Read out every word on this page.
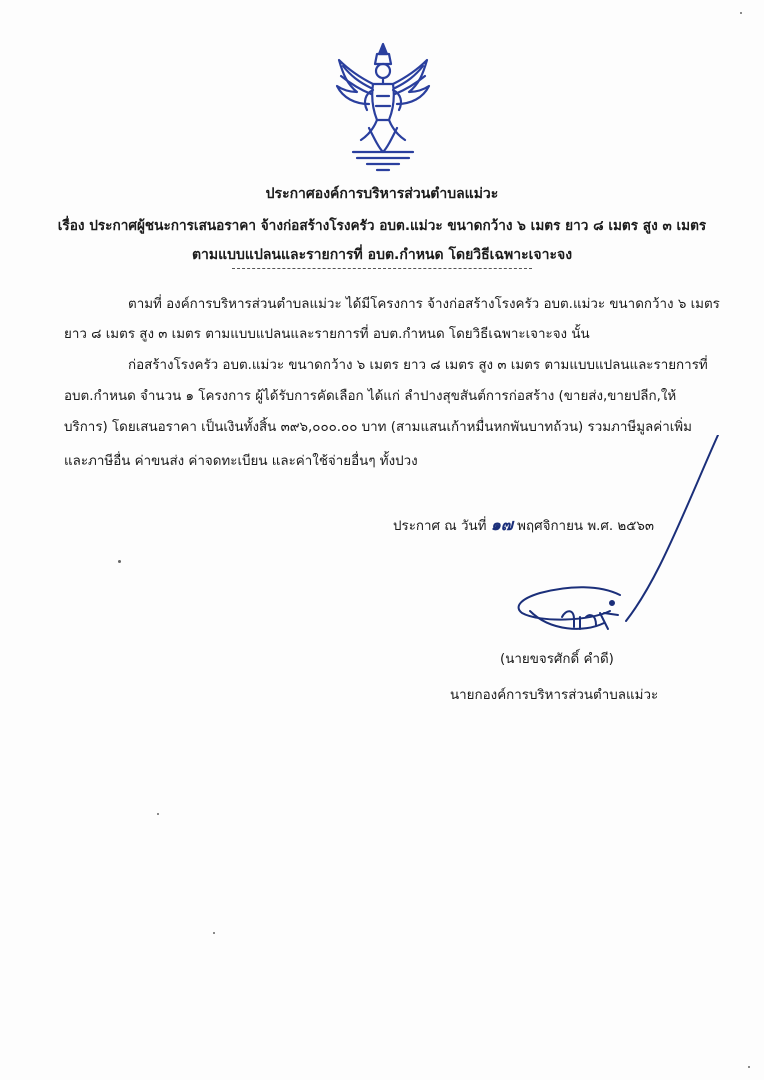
ประกาศองค์การบริหารส่วนตำบลแม่วะ
เรื่อง ประกาศผู้ชนะการเสนอราคา จ้างก่อสร้างโรงครัว อบต.แม่วะ ขนาดกว้าง ๖ เมตร ยาว ๘ เมตร สูง ๓ เมตร
ตามแบบแปลนและรายการที่ อบต.กำหนด โดยวิธีเฉพาะเจาะจง
ตามที่ องค์การบริหารส่วนตำบลแม่วะ ได้มีโครงการ จ้างก่อสร้างโรงครัว อบต.แม่วะ ขนาดกว้าง ๖ เมตร
ยาว ๘ เมตร สูง ๓ เมตร ตามแบบแปลนและรายการที่ อบต.กำหนด โดยวิธีเฉพาะเจาะจง นั้น
ก่อสร้างโรงครัว อบต.แม่วะ ขนาดกว้าง ๖ เมตร ยาว ๘ เมตร สูง ๓ เมตร ตามแบบแปลนและรายการที่
อบต.กำหนด จำนวน ๑ โครงการ ผู้ได้รับการคัดเลือก ได้แก่ ลำปางสุขสันต์การก่อสร้าง (ขายส่ง,ขายปลีก,ให้
บริการ) โดยเสนอราคา เป็นเงินทั้งสิ้น ๓๙๖,๐๐๐.๐๐ บาท (สามแสนเก้าหมื่นหกพันบาทถ้วน) รวมภาษีมูลค่าเพิ่ม
และภาษีอื่น ค่าขนส่ง ค่าจดทะเบียน และค่าใช้จ่ายอื่นๆ ทั้งปวง
ประกาศ ณ วันที่ ๑๗ พฤศจิกายน พ.ศ. ๒๕๖๓
(นายขจรศักดิ์ คำดี)
นายกองค์การบริหารส่วนตำบลแม่วะ
